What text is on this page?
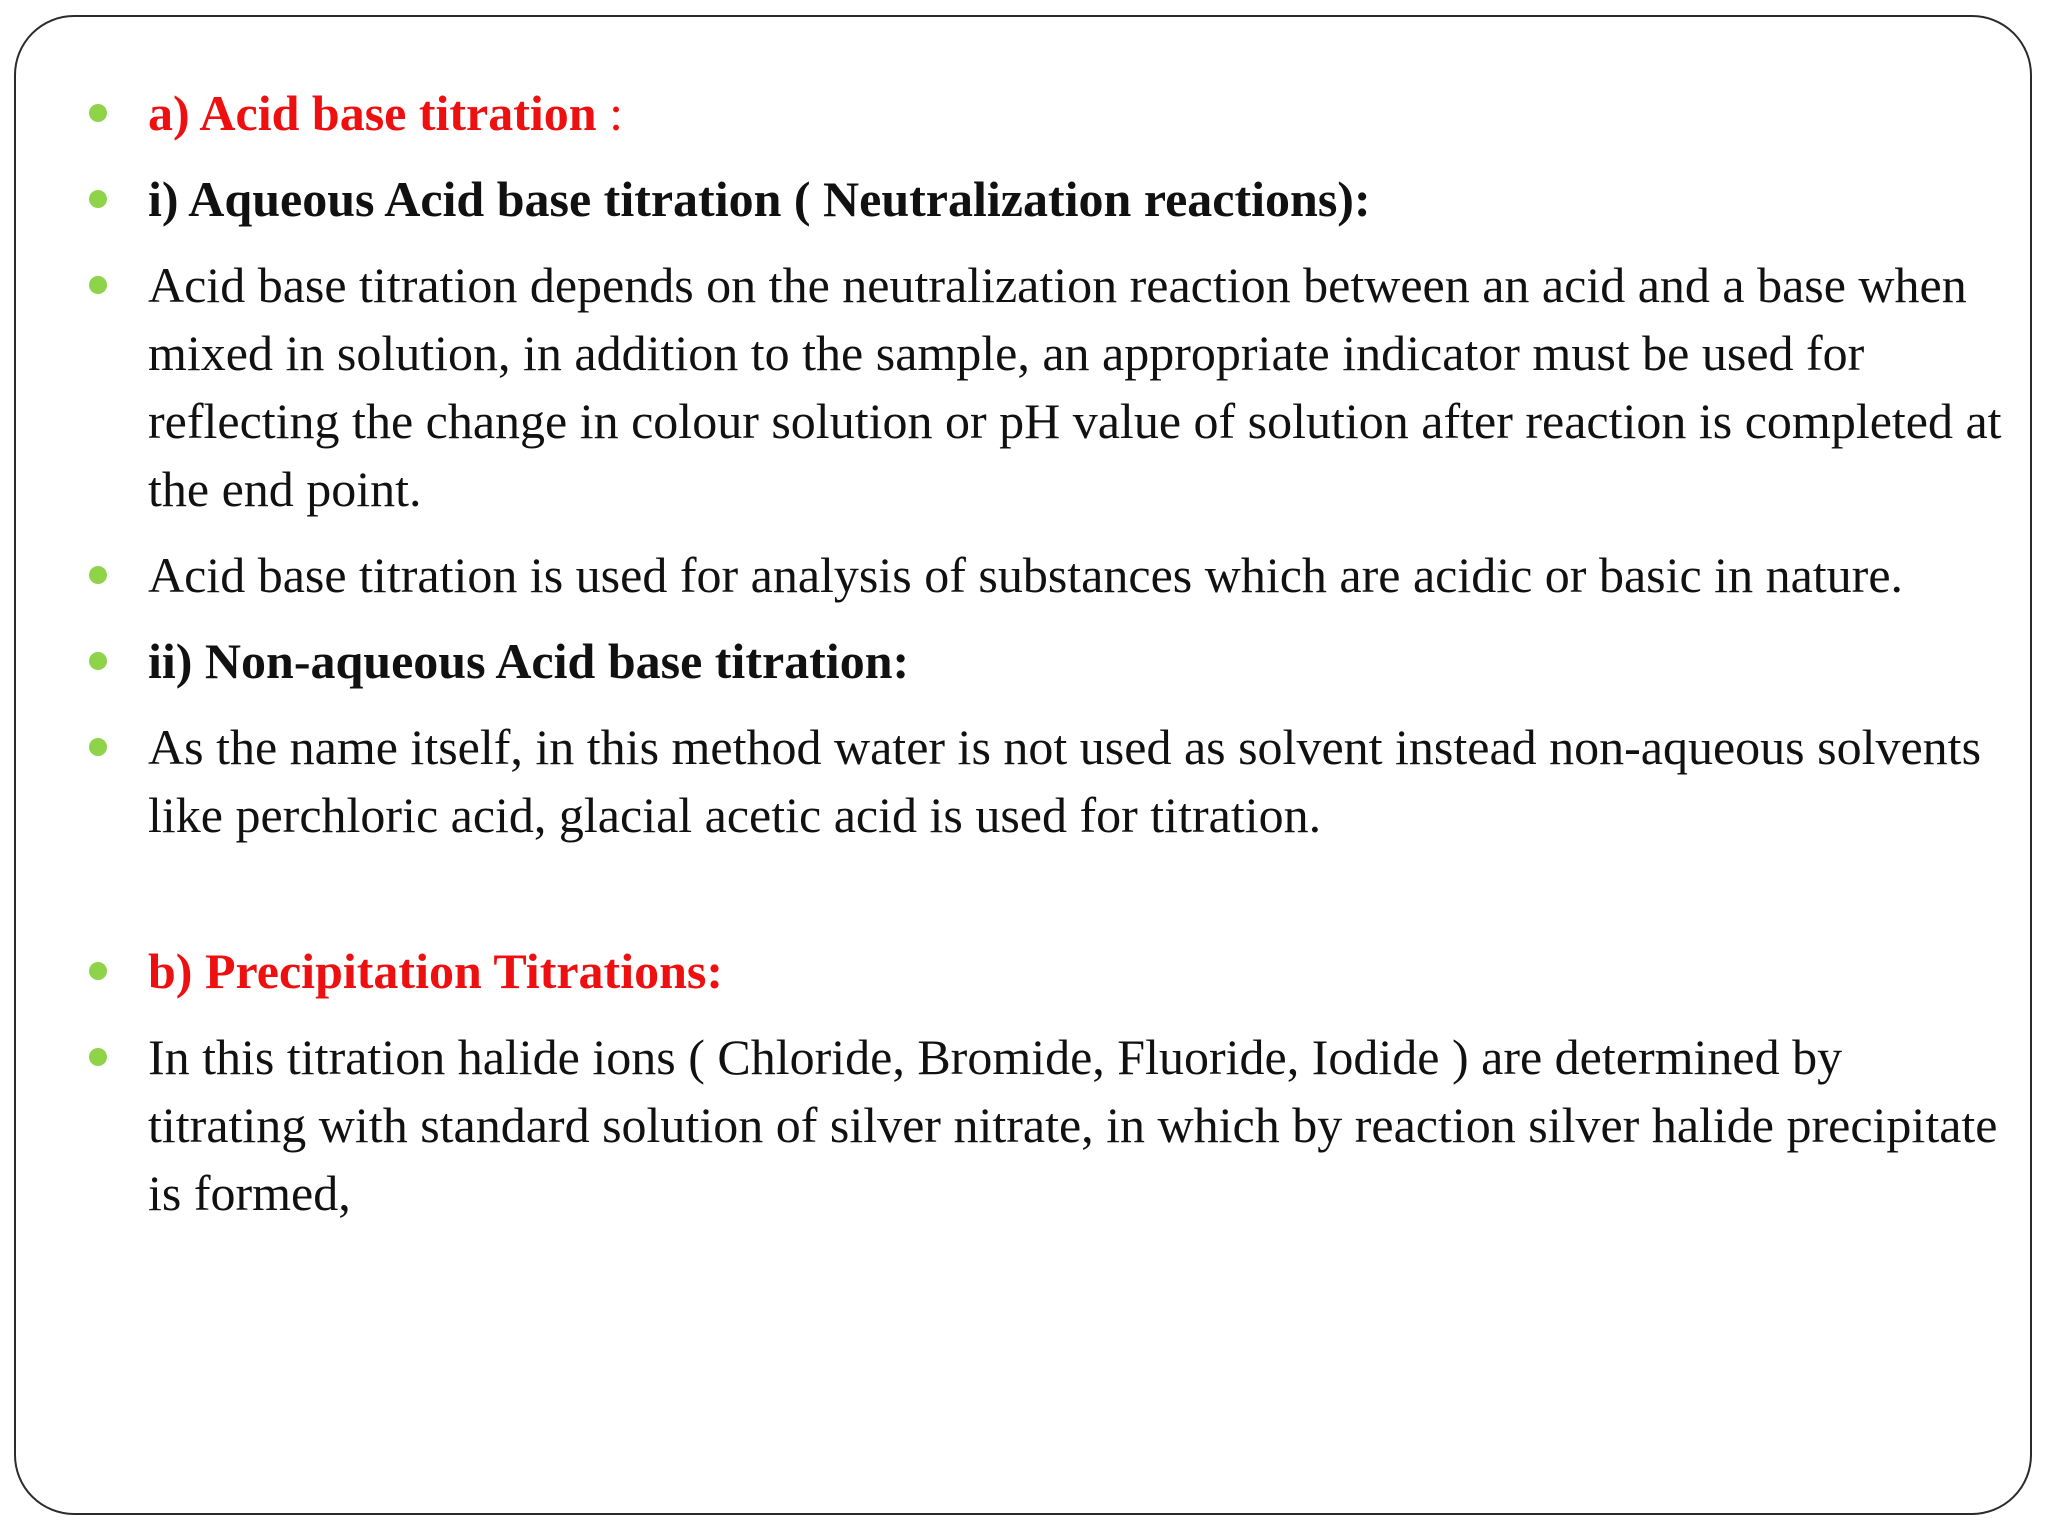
a) Acid base titration :
i) Aqueous Acid base titration ( Neutralization reactions):
Acid base titration depends on the neutralization reaction between an acid and a base when mixed in solution, in addition to the sample, an appropriate indicator must be used for reflecting the change in colour solution or pH value of solution after reaction is completed at the end point.
Acid base titration is used for analysis of substances which are acidic or basic in nature.
ii) Non-aqueous Acid base titration:
As the name itself, in this method water is not used as solvent instead non-aqueous solvents like perchloric acid, glacial acetic acid is used for titration.
b) Precipitation Titrations:
In this titration halide ions ( Chloride, Bromide, Fluoride, Iodide ) are determined by titrating with standard solution of silver nitrate, in which by reaction silver halide precipitate is formed,
